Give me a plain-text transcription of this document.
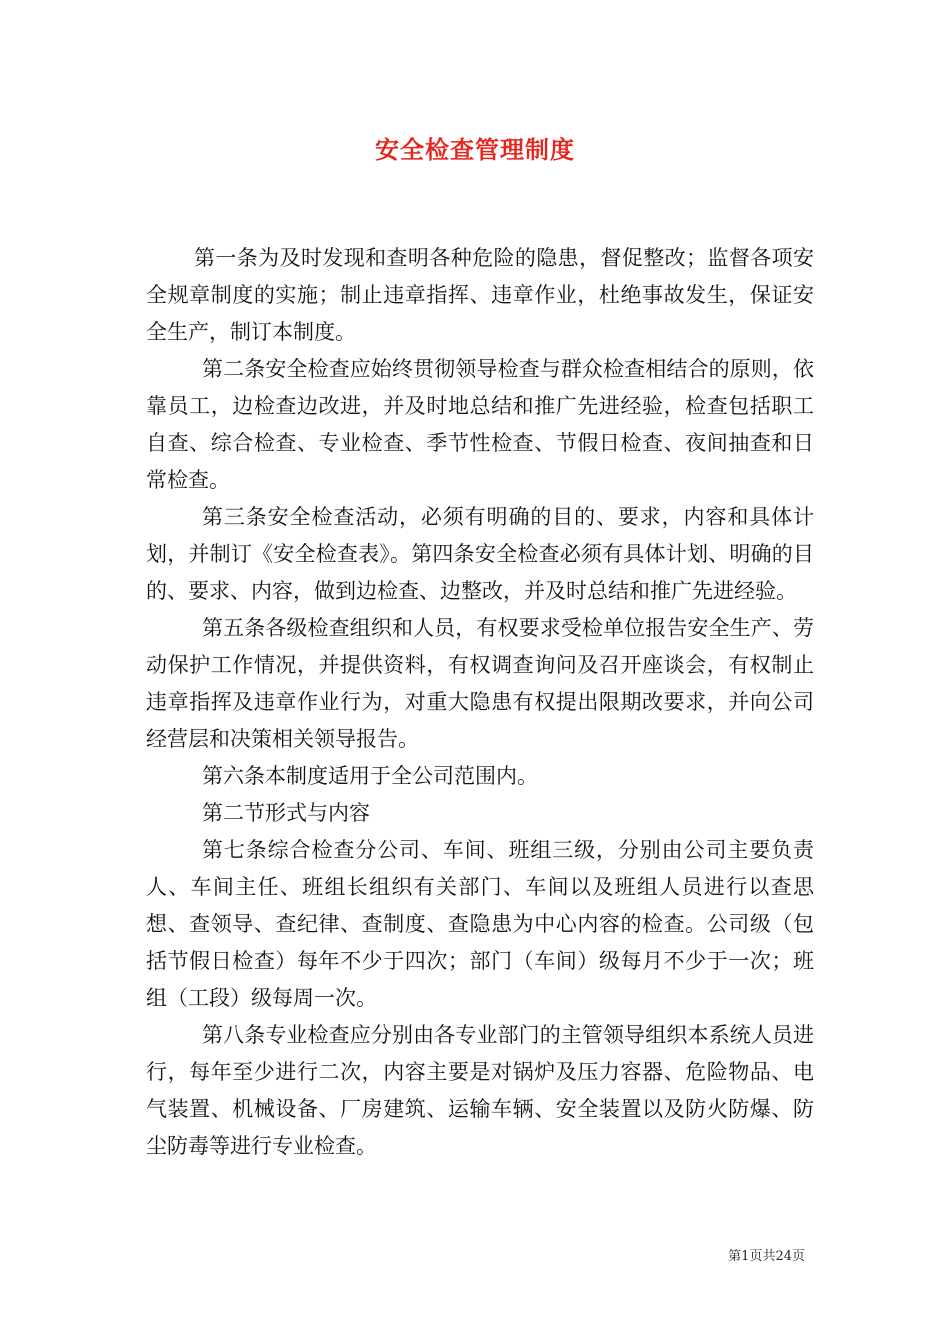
安全检查管理制度

第一条为及时发现和查明各种危险的隐患，督促整改；监督各项安全规章制度的实施；制止违章指挥、违章作业，杜绝事故发生，保证安全生产，制订本制度。

第二条安全检查应始终贯彻领导检查与群众检查相结合的原则，依靠员工，边检查边改进，并及时地总结和推广先进经验，检查包括职工自查、综合检查、专业检查、季节性检查、节假日检查、夜间抽查和日常检查。

第三条安全检查活动，必须有明确的目的、要求，内容和具体计划，并制订《安全检查表》。第四条安全检查必须有具体计划、明确的目的、要求、内容，做到边检查、边整改，并及时总结和推广先进经验。

第五条各级检查组织和人员，有权要求受检单位报告安全生产、劳动保护工作情况，并提供资料，有权调查询问及召开座谈会，有权制止违章指挥及违章作业行为，对重大隐患有权提出限期改要求，并向公司经营层和决策相关领导报告。

第六条本制度适用于全公司范围内。

第二节形式与内容

第七条综合检查分公司、车间、班组三级，分别由公司主要负责人、车间主任、班组长组织有关部门、车间以及班组人员进行以查思想、查领导、查纪律、查制度、查隐患为中心内容的检查。公司级（包括节假日检查）每年不少于四次；部门（车间）级每月不少于一次；班组（工段）级每周一次。

第八条专业检查应分别由各专业部门的主管领导组织本系统人员进行，每年至少进行二次，内容主要是对锅炉及压力容器、危险物品、电气装置、机械设备、厂房建筑、运输车辆、安全装置以及防火防爆、防尘防毒等进行专业检查。

第1页共24页
